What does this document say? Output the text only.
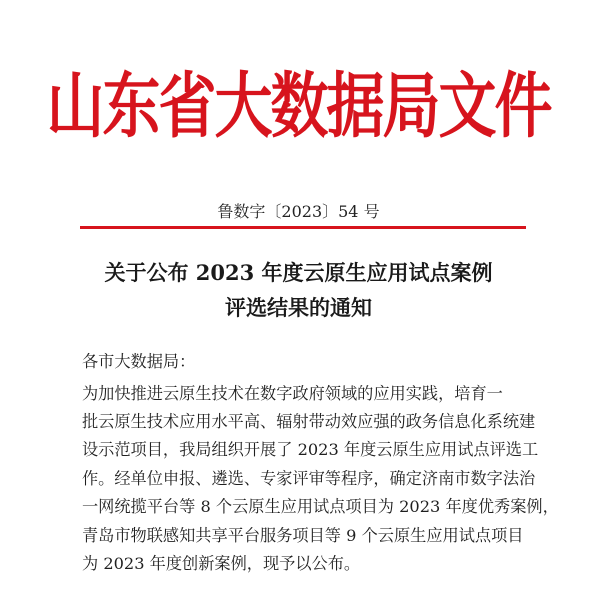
山东省大数据局文件
鲁数字〔2023〕54 号
关于公布 2023 年度云原生应用试点案例
评选结果的通知
各市大数据局：
为加快推进云原生技术在数字政府领域的应用实践，培育一
批云原生技术应用水平高、辐射带动效应强的政务信息化系统建
设示范项目，我局组织开展了 2023 年度云原生应用试点评选工
作。经单位申报、遴选、专家评审等程序，确定济南市数字法治
一网统揽平台等 8 个云原生应用试点项目为 2023 年度优秀案例，
青岛市物联感知共享平台服务项目等 9 个云原生应用试点项目
为 2023 年度创新案例，现予以公布。
